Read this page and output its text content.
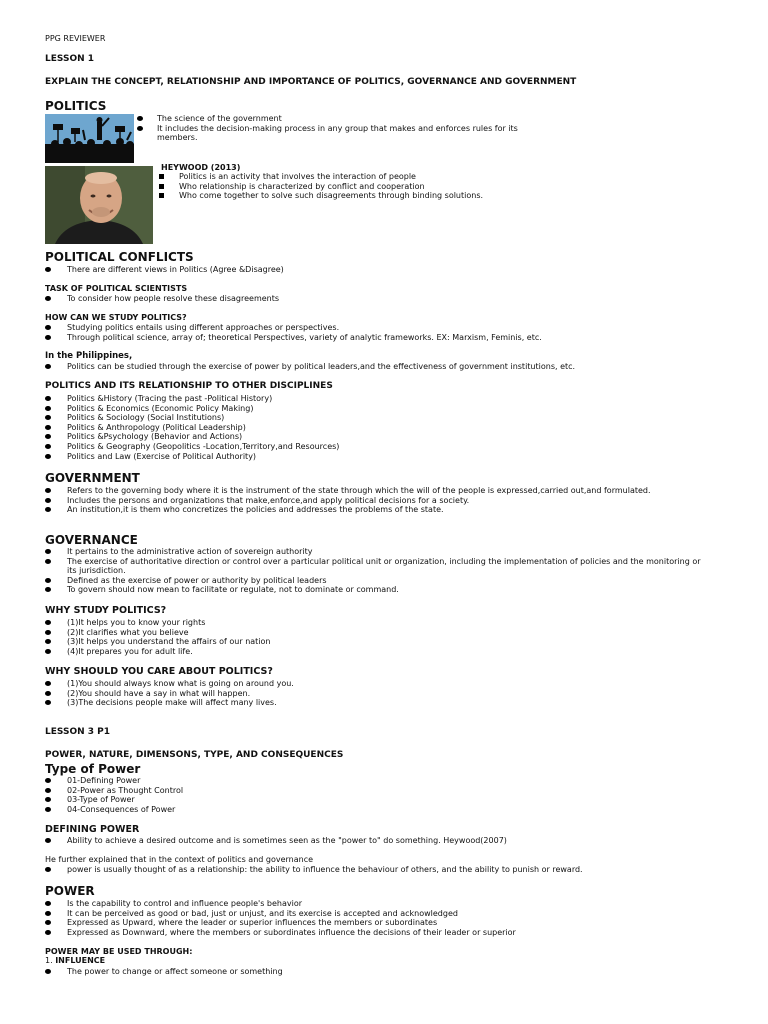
PPG REVIEWER
LESSON 1
EXPLAIN THE CONCEPT, RELATIONSHIP AND IMPORTANCE OF POLITICS, GOVERNANCE AND GOVERNMENT
POLITICS
The science of the government
It includes the decision-making process in any group that makes and enforces rules for its members.
HEYWOOD (2013)
Politics is an activity that involves the interaction of people
Who relationship is characterized by conflict and cooperation
Who come together to solve such disagreements through binding solutions.
POLITICAL CONFLICTS
There are different views in Politics (Agree &Disagree)
TASK OF POLITICAL SCIENTISTS
To consider how people resolve these disagreements
HOW CAN WE STUDY POLITICS?
Studying politics entails using different approaches or perspectives.
Through political science, array of; theoretical Perspectives, variety of analytic frameworks. EX: Marxism, Feminis, etc.
In the Philippines,
Politics can be studied through the exercise of power by political leaders,and the effectiveness of government institutions, etc.
POLITICS AND ITS RELATIONSHIP TO OTHER DISCIPLINES
Politics &History (Tracing the past -Political History)
Politics & Economics (Economic Policy Making)
Politics & Sociology (Social Institutions)
Politics & Anthropology (Political Leadership)
Politics &Psychology (Behavior and Actions)
Politics & Geography (Geopolitics -Location,Territory,and Resources)
Politics and Law (Exercise of Political Authority)
GOVERNMENT
Refers to the governing body where it is the instrument of the state through which the will of the people is expressed,carried out,and formulated.
Includes the persons and organizations that make,enforce,and apply political decisions for a society.
An institution,it is them who concretizes the policies and addresses the problems of the state.
GOVERNANCE
It pertains to the administrative action of sovereign authority
The exercise of authoritative direction or control over a particular political unit or organization, including the implementation of policies and the monitoring or its jurisdiction.
Defined as the exercise of power or authority by political leaders
To govern should now mean to facilitate or regulate, not to dominate or command.
WHY STUDY POLITICS?
(1)It helps you to know your rights
(2)It clarifies what you believe
(3)It helps you understand the affairs of our nation
(4)It prepares you for adult life.
WHY SHOULD YOU CARE ABOUT POLITICS?
(1)You should always know what is going on around you.
(2)You should have a say in what will happen.
(3)The decisions people make will affect many lives.
LESSON 3 P1
POWER, NATURE, DIMENSONS, TYPE, AND CONSEQUENCES
Type of Power
01-Defining Power
02-Power as Thought Control
03-Type of Power
04-Consequences of Power
DEFINING POWER
Ability to achieve a desired outcome and is sometimes seen as the "power to" do something. Heywood(2007)
He further explained that in the context of politics and governance
power is usually thought of as a relationship: the ability to influence the behaviour of others, and the ability to punish or reward.
POWER
Is the capability to control and influence people's behavior
It can be perceived as good or bad, just or unjust, and its exercise is accepted and acknowledged
Expressed as Upward, where the leader or superior influences the members or subordinates
Expressed as Downward, where the members or subordinates influence the decisions of their leader or superior
POWER MAY BE USED THROUGH:
1. INFLUENCE
The power to change or affect someone or something
